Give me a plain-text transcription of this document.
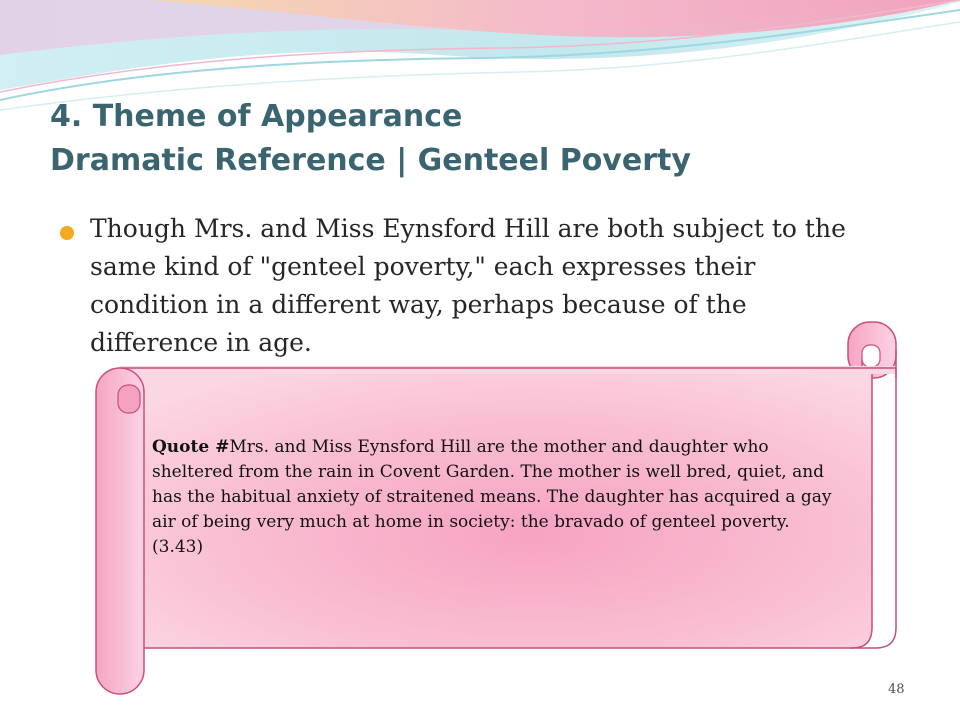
4. Theme of Appearance
Dramatic Reference | Genteel Poverty
Though Mrs. and Miss Eynsford Hill are both subject to the same kind of "genteel poverty," each expresses their condition in a different way, perhaps because of the difference in age.
Quote #Mrs. and Miss Eynsford Hill are the mother and daughter who sheltered from the rain in Covent Garden. The mother is well bred, quiet, and has the habitual anxiety of straitened means. The daughter has acquired a gay air of being very much at home in society: the bravado of genteel poverty. (3.43)
48
